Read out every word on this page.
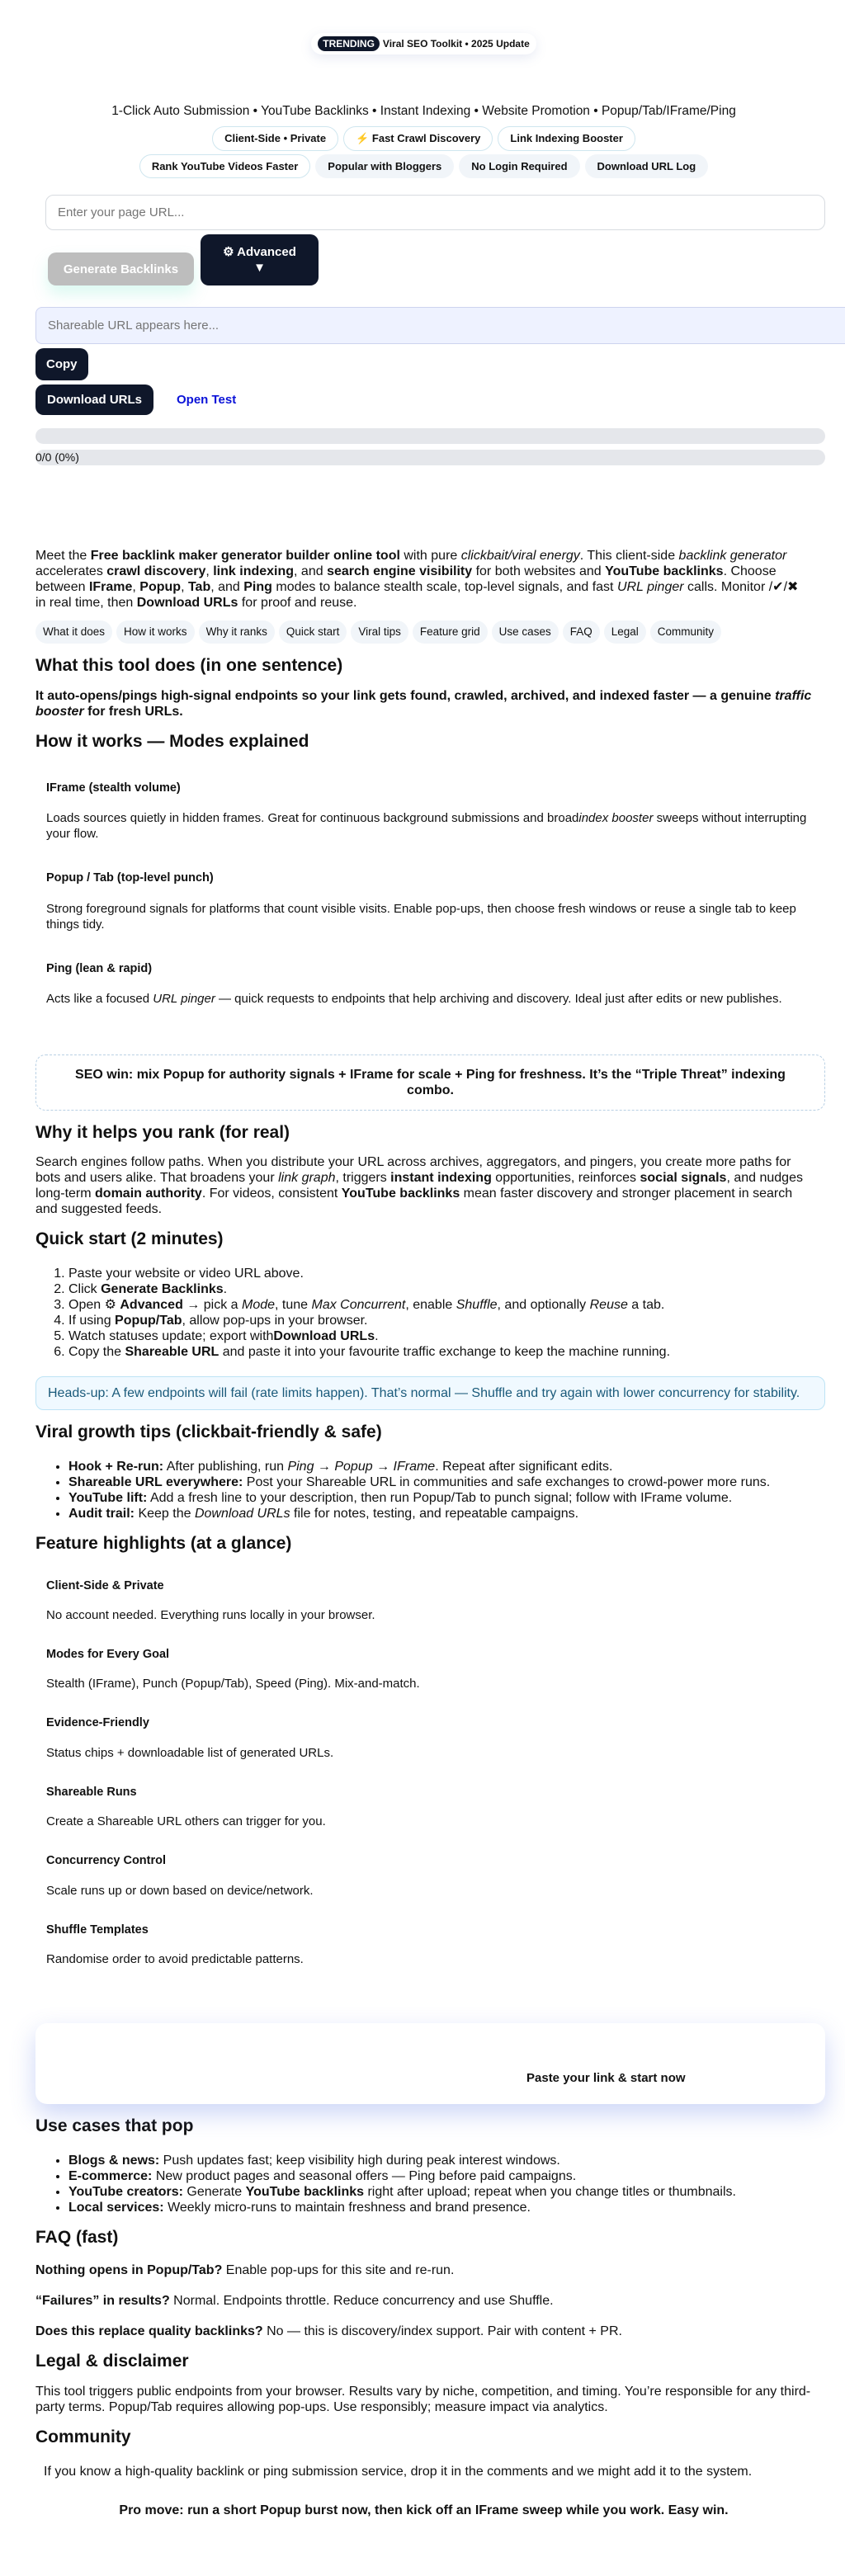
TRENDING Viral SEO Toolkit • 2025 Update
1-Click Auto Submission • YouTube Backlinks • Instant Indexing • Website Promotion • Popup/Tab/IFrame/Ping
Client-Side • Private	⚡ Fast Crawl Discovery	Link Indexing Booster
Rank YouTube Videos Faster	Popular with Bloggers	No Login Required	Download URL Log
Enter your page URL...
Generate Backlinks
⚙ Advanced
▼
Shareable URL appears here...
Copy
Download URLs	Open Test
0/0 (0%)
Meet the Free backlink maker generator builder online tool with pure clickbait/viral energy. This client-side backlink generator accelerates crawl discovery, link indexing, and search engine visibility for both websites and YouTube backlinks. Choose between IFrame, Popup, Tab, and Ping modes to balance stealth scale, top-level signals, and fast URL pinger calls. Monitor /✔/✖ in real time, then Download URLs for proof and reuse.
What it does	How it works	Why it ranks	Quick start	Viral tips	Feature grid	Use cases	FAQ	Legal	Community
What this tool does (in one sentence)

It auto-opens/pings high-signal endpoints so your link gets found, crawled, archived, and indexed faster — a genuine traffic booster for fresh URLs.

How it works — Modes explained
IFrame (stealth volume)

Loads sources quietly in hidden frames. Great for continuous background submissions and broadindex booster sweeps without interrupting your flow.

Popup / Tab (top-level punch)

Strong foreground signals for platforms that count visible visits. Enable pop-ups, then choose fresh windows or reuse a single tab to keep things tidy.

Ping (lean & rapid)

Acts like a focused URL pinger — quick requests to endpoints that help archiving and discovery. Ideal just after edits or new publishes.

SEO win: mix Popup for authority signals + IFrame for scale + Ping for freshness. It’s the “Triple Threat” indexing combo.
Why it helps you rank (for real)

Search engines follow paths. When you distribute your URL across archives, aggregators, and pingers, you create more paths for bots and users alike. That broadens your link graph, triggers instant indexing opportunities, reinforces social signals, and nudges long-term domain authority. For videos, consistent YouTube backlinks mean faster discovery and stronger placement in search and suggested feeds.

Quick start (2 minutes)
1. Paste your website or video URL above.
2. Click Generate Backlinks.
3. Open ⚙ Advanced → pick a Mode, tune Max Concurrent, enable Shuffle, and optionally Reuse a tab.
4. If using Popup/Tab, allow pop-ups in your browser.
5. Watch statuses update; export withDownload URLs.
6. Copy the Shareable URL and paste it into your favourite traffic exchange to keep the machine running.
Heads-up: A few endpoints will fail (rate limits happen). That’s normal — Shuffle and try again with lower concurrency for stability.
Viral growth tips (clickbait-friendly & safe)
• Hook + Re-run: After publishing, run Ping → Popup → IFrame. Repeat after significant edits.
• Shareable URL everywhere: Post your Shareable URL in communities and safe exchanges to crowd-power more runs.
• YouTube lift: Add a fresh line to your description, then run Popup/Tab to punch signal; follow with IFrame volume.
• Audit trail: Keep the Download URLs file for notes, testing, and repeatable campaigns.
Feature highlights (at a glance)
Client-Side & Private

No account needed. Everything runs locally in your browser.

Modes for Every Goal

Stealth (IFrame), Punch (Popup/Tab), Speed (Ping). Mix-and-match.

Evidence-Friendly

Status chips + downloadable list of generated URLs.

Shareable Runs

Create a Shareable URL others can trigger for you.

Concurrency Control

Scale runs up or down based on device/network.

Shuffle Templates

Randomise order to avoid predictable patterns.

Paste your link & start now
Use cases that pop
• Blogs & news: Push updates fast; keep visibility high during peak interest windows.
• E-commerce: New product pages and seasonal offers — Ping before paid campaigns.
• YouTube creators: Generate YouTube backlinks right after upload; repeat when you change titles or thumbnails.
• Local services: Weekly micro-runs to maintain freshness and brand presence.
FAQ (fast)

Nothing opens in Popup/Tab? Enable pop-ups for this site and re-run.

“Failures” in results? Normal. Endpoints throttle. Reduce concurrency and use Shuffle.

Does this replace quality backlinks? No — this is discovery/index support. Pair with content + PR.

Legal & disclaimer

This tool triggers public endpoints from your browser. Results vary by niche, competition, and timing. You’re responsible for any third-party terms. Popup/Tab requires allowing pop-ups. Use responsibly; measure impact via analytics.

Community

If you know a high-quality backlink or ping submission service, drop it in the comments and we might add it to the system.

Pro move: run a short Popup burst now, then kick off an IFrame sweep while you work. Easy win.
